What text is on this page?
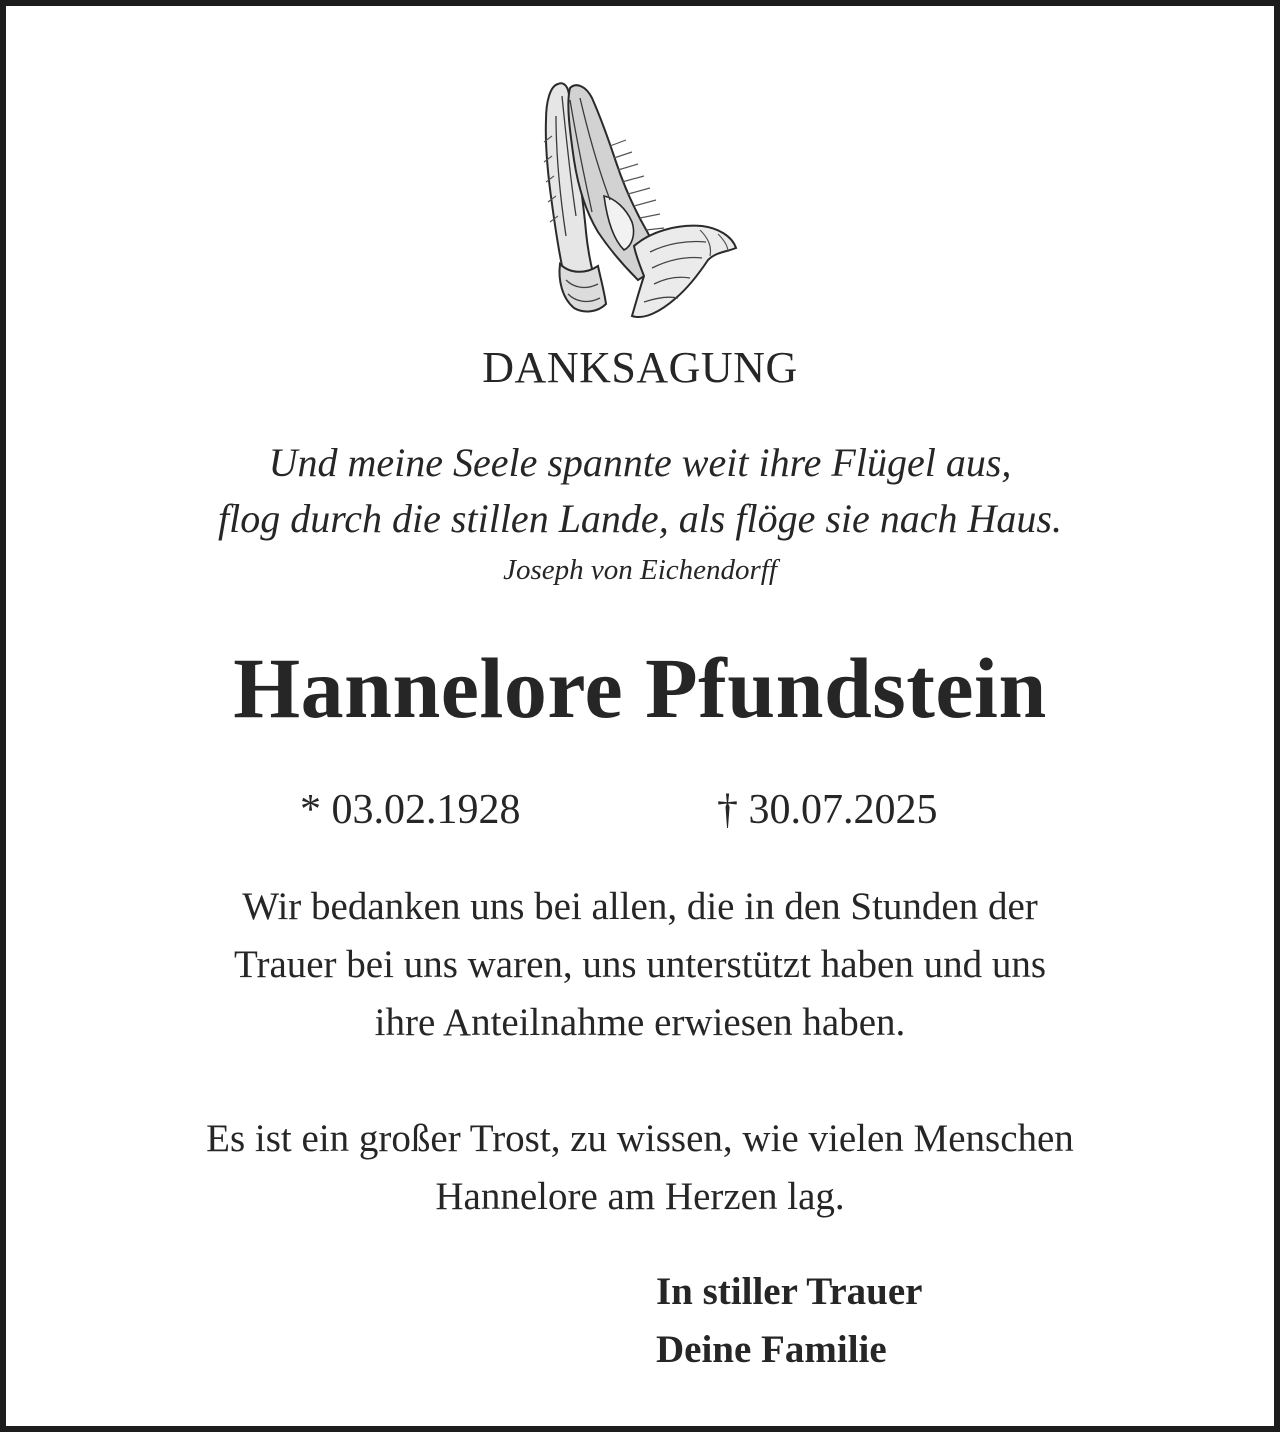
DANKSAGUNG
Und meine Seele spannte weit ihre Flügel aus,
flog durch die stillen Lande, als flöge sie nach Haus.
Joseph von Eichendorff
Hannelore Pfundstein
* 03.02.1928	† 30.07.2025
Wir bedanken uns bei allen, die in den Stunden der
Trauer bei uns waren, uns unterstützt haben und uns
ihre Anteilnahme erwiesen haben.
Es ist ein großer Trost, zu wissen, wie vielen Menschen
Hannelore am Herzen lag.
In stiller Trauer
Deine Familie
